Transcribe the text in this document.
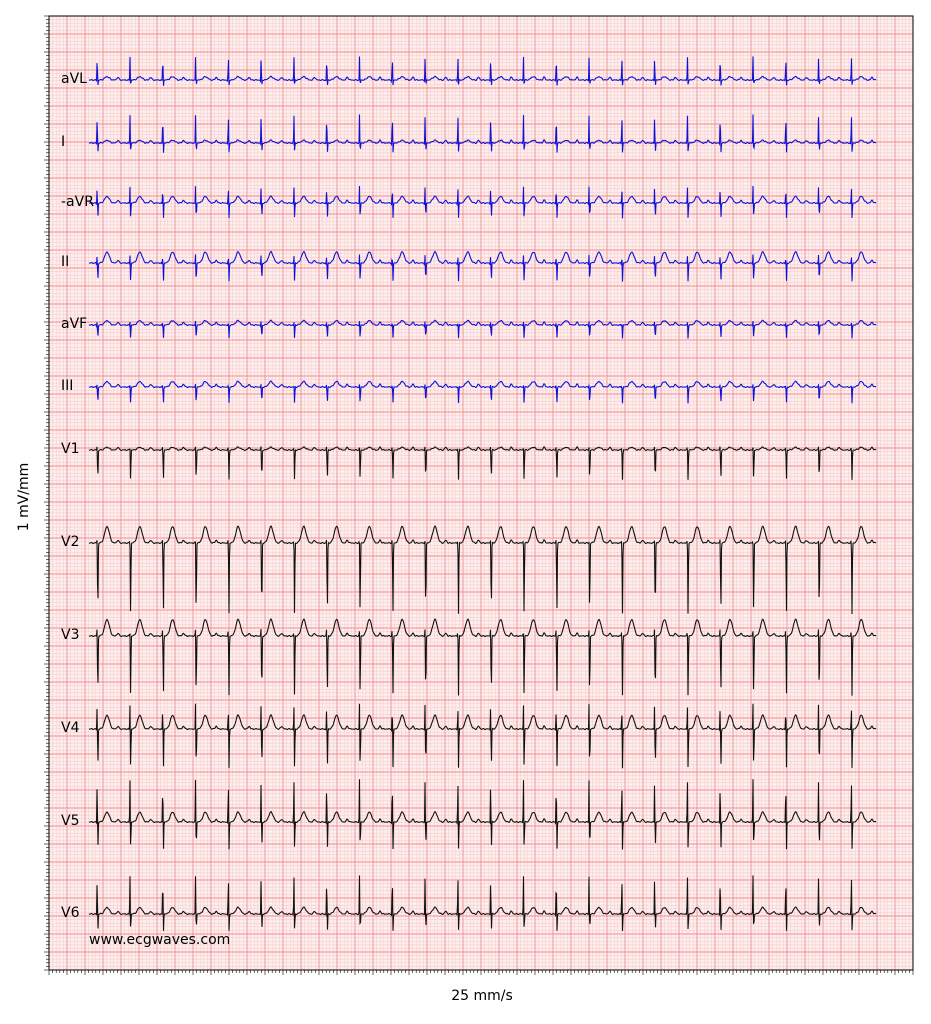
aVL
I
-aVR
II
aVF
III
V1
V2
V3
V4
V5
V6
www.ecgwaves.com
1 mV/mm
25 mm/s
